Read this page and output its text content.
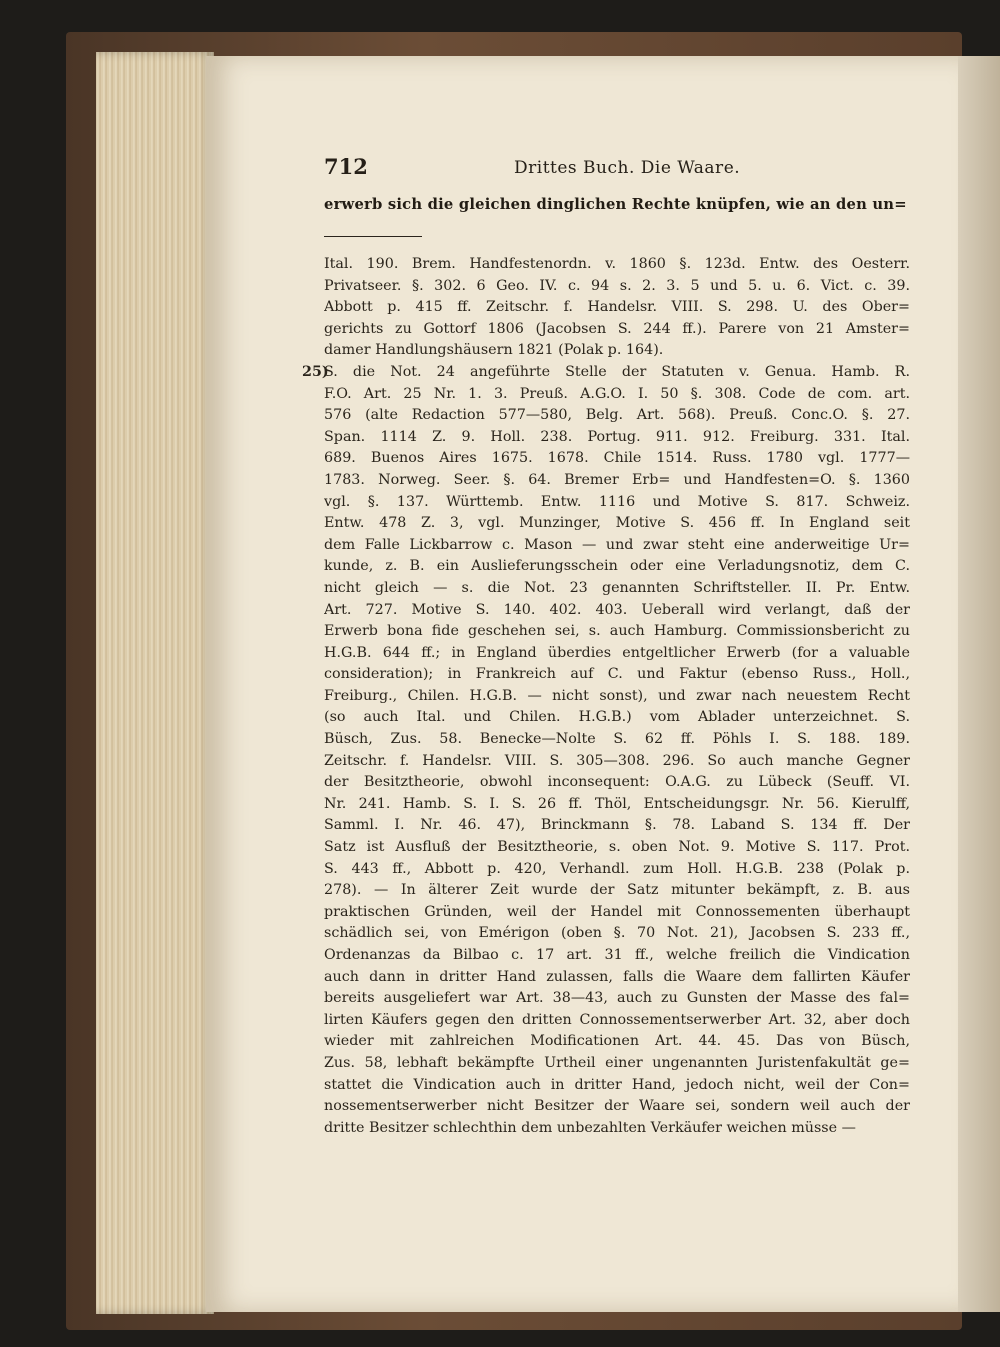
712	Drittes Buch. Die Waare.
erwerb sich die gleichen dinglichen Rechte knüpfen, wie an den un=
Ital. 190. Brem. Handfestenordn. v. 1860 §. 123d. Entw. des Oesterr.
Privatseer. §. 302. 6 Geo. IV. c. 94 s. 2. 3. 5 und 5. u. 6. Vict. c. 39.
Abbott p. 415 ff. Zeitschr. f. Handelsr. VIII. S. 298. U. des Ober=
gerichts zu Gottorf 1806 (Jacobsen S. 244 ff.). Parere von 21 Amster=
damer Handlungshäusern 1821 (Polak p. 164).
25)
S. die Not. 24 angeführte Stelle der Statuten v. Genua. Hamb. R.
F.O. Art. 25 Nr. 1. 3. Preuß. A.G.O. I. 50 §. 308. Code de com. art.
576 (alte Redaction 577—580, Belg. Art. 568). Preuß. Conc.O. §. 27.
Span. 1114 Z. 9. Holl. 238. Portug. 911. 912. Freiburg. 331. Ital.
689. Buenos Aires 1675. 1678. Chile 1514. Russ. 1780 vgl. 1777—
1783. Norweg. Seer. §. 64. Bremer Erb= und Handfesten=O. §. 1360
vgl. §. 137. Württemb. Entw. 1116 und Motive S. 817. Schweiz.
Entw. 478 Z. 3, vgl. Munzinger, Motive S. 456 ff. In England seit
dem Falle Lickbarrow c. Mason — und zwar steht eine anderweitige Ur=
kunde, z. B. ein Auslieferungsschein oder eine Verladungsnotiz, dem C.
nicht gleich — s. die Not. 23 genannten Schriftsteller. II. Pr. Entw.
Art. 727. Motive S. 140. 402. 403. Ueberall wird verlangt, daß der
Erwerb bona fide geschehen sei, s. auch Hamburg. Commissionsbericht zu
H.G.B. 644 ff.; in England überdies entgeltlicher Erwerb (for a valuable
consideration); in Frankreich auf C. und Faktur (ebenso Russ., Holl.,
Freiburg., Chilen. H.G.B. — nicht sonst), und zwar nach neuestem Recht
(so auch Ital. und Chilen. H.G.B.) vom Ablader unterzeichnet. S.
Büsch, Zus. 58. Benecke—Nolte S. 62 ff. Pöhls I. S. 188. 189.
Zeitschr. f. Handelsr. VIII. S. 305—308. 296. So auch manche Gegner
der Besitztheorie, obwohl inconsequent: O.A.G. zu Lübeck (Seuff. VI.
Nr. 241. Hamb. S. I. S. 26 ff. Thöl, Entscheidungsgr. Nr. 56. Kierulff,
Samml. I. Nr. 46. 47), Brinckmann §. 78. Laband S. 134 ff. Der
Satz ist Ausfluß der Besitztheorie, s. oben Not. 9. Motive S. 117. Prot.
S. 443 ff., Abbott p. 420, Verhandl. zum Holl. H.G.B. 238 (Polak p.
278). — In älterer Zeit wurde der Satz mitunter bekämpft, z. B. aus
praktischen Gründen, weil der Handel mit Connossementen überhaupt
schädlich sei, von Emérigon (oben §. 70 Not. 21), Jacobsen S. 233 ff.,
Ordenanzas da Bilbao c. 17 art. 31 ff., welche freilich die Vindication
auch dann in dritter Hand zulassen, falls die Waare dem fallirten Käufer
bereits ausgeliefert war Art. 38—43, auch zu Gunsten der Masse des fal=
lirten Käufers gegen den dritten Connossementserwerber Art. 32, aber doch
wieder mit zahlreichen Modificationen Art. 44. 45. Das von Büsch,
Zus. 58, lebhaft bekämpfte Urtheil einer ungenannten Juristenfakultät ge=
stattet die Vindication auch in dritter Hand, jedoch nicht, weil der Con=
nossementserwerber nicht Besitzer der Waare sei, sondern weil auch der
dritte Besitzer schlechthin dem unbezahlten Verkäufer weichen müsse —
